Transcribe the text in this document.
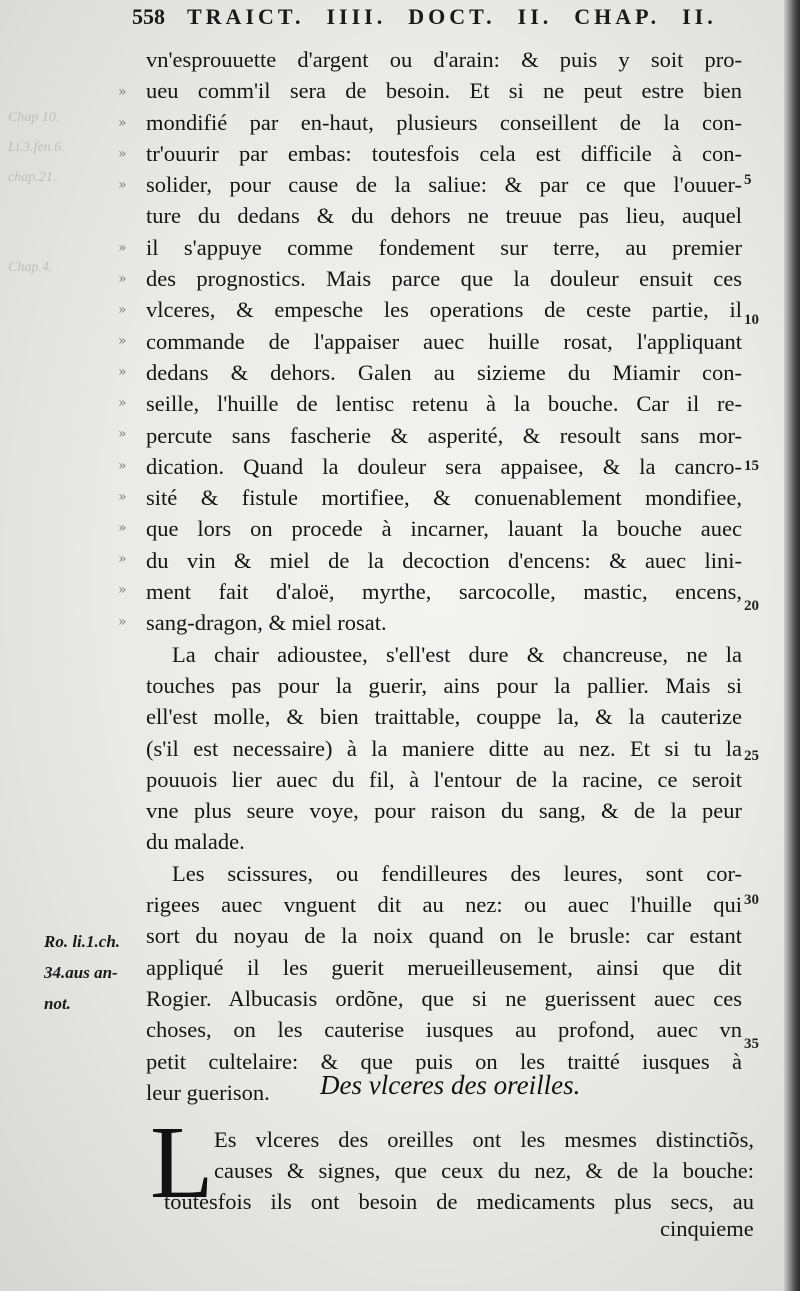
558 TRAICT. IIII. DOCT. II. CHAP. II.
Chap 10.
Li.3.fen.6.
chap.21.
Chap.4.
vn'esprouuette d'argent ou d'arain: & puis y soit pro-
ueu comm'il sera de besoin. Et si ne peut estre bien
mondifié par en-haut, plusieurs conseillent de la con-
tr'ouurir par embas: toutesfois cela est difficile à con-
solider, pour cause de la saliue: & par ce que l'ouuer-
ture du dedans & du dehors ne treuue pas lieu, auquel
il s'appuye comme fondement sur terre, au premier
des prognostics. Mais parce que la douleur ensuit ces
vlceres, & empesche les operations de ceste partie, il
commande de l'appaiser auec huille rosat, l'appliquant
dedans & dehors. Galen au sizieme du Miamir con-
seille, l'huille de lentisc retenu à la bouche. Car il re-
percute sans fascherie & asperité, & resoult sans mor-
dication. Quand la douleur sera appaisee, & la cancro-
sité & fistule mortifiee, & conuenablement mondifiee,
que lors on procede à incarner, lauant la bouche auec
du vin & miel de la decoction d'encens: & auec lini-
ment fait d'aloë, myrthe, sarcocolle, mastic, encens,
sang-dragon, & miel rosat.
La chair adioustee, s'ell'est dure & chancreuse, ne la
touches pas pour la guerir, ains pour la pallier. Mais si
ell'est molle, & bien traittable, couppe la, & la cauterize
(s'il est necessaire) à la maniere ditte au nez. Et si tu la
pouuois lier auec du fil, à l'entour de la racine, ce seroit
vne plus seure voye, pour raison du sang, & de la peur
du malade.
Les scissures, ou fendilleures des leures, sont cor-
rigees auec vnguent dit au nez: ou auec l'huille qui
sort du noyau de la noix quand on le brusle: car estant
appliqué il les guerit merueilleusement, ainsi que dit
Rogier. Albucasis ordõne, que si ne guerissent auec ces
choses, on les cauterise iusques au profond, auec vn
petit cultelaire: & que puis on les traitté iusques à
leur guerison.
»
»
»
»
»
»
»
»
»
»
»
»
»
»
»
»
»
5
10
15
20
25
30
35
Ro. li.1.ch.
34.aus an-
not.
Des vlceres des oreilles.
L Es vlceres des oreilles ont les mesmes distinctiõs,
causes & signes, que ceux du nez, & de la bouche:
toutesfois ils ont besoin de medicaments plus secs, au
cinquieme
